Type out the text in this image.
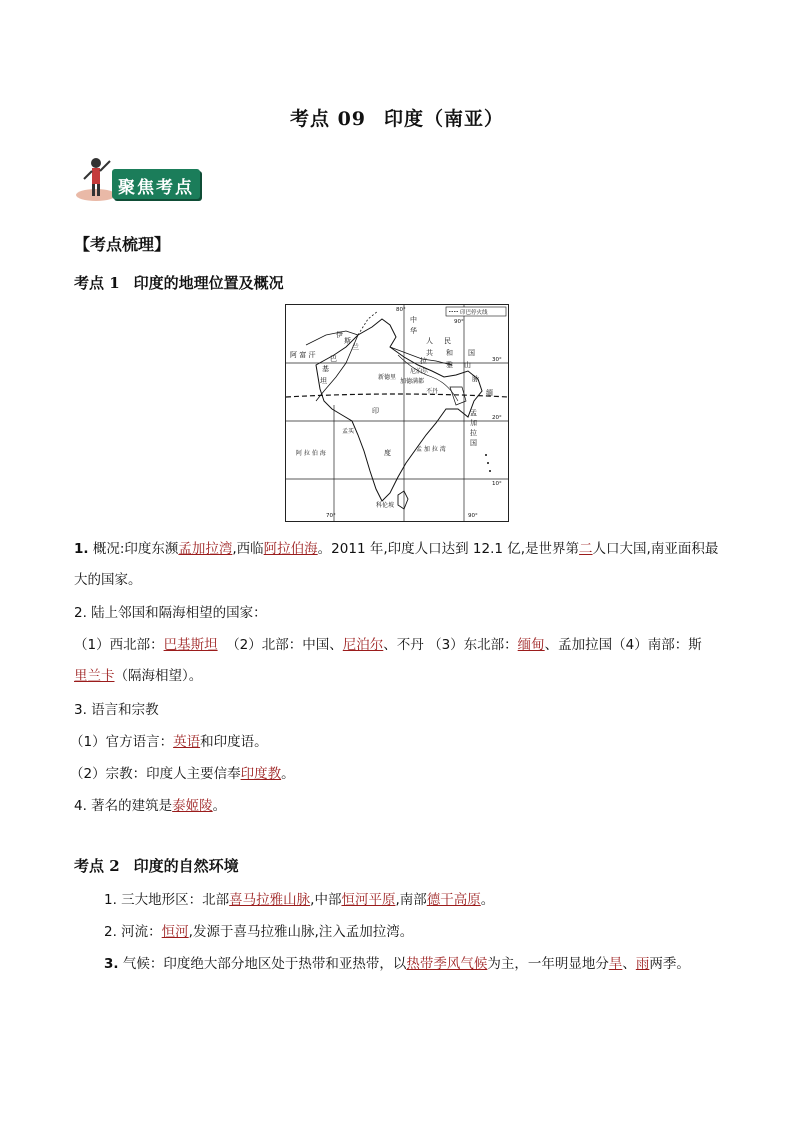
考点 09 印度（南亚）
聚焦考点
【考点梳理】
考点 1 印度的地理位置及概况
印巴停火线
80°
90°
30°
20°
10°
70°	90°
中
华
人 民
共 和 国
阿 富 汗
伊
斯
兰
巴
基
坦	新德里
尼泊尔
加德满都
拉	雅 山
脉
不丹	缅
印
度
孟
加
拉
国
孟买
科伦坡
阿 拉 伯 海
孟 加 拉 湾
1. 概况:印度东濒孟加拉湾,西临阿拉伯海。2011 年,印度人口达到 12.1 亿,是世界第二人口大国,南亚面积最
大的国家。
2. 陆上邻国和隔海相望的国家：
（1）西北部：巴基斯坦 （2）北部：中国、尼泊尔、不丹 （3）东北部：缅甸、孟加拉国（4）南部：斯
里兰卡（隔海相望）。
3. 语言和宗教
（1）官方语言：英语和印度语。
（2）宗教：印度人主要信奉印度教。
4. 著名的建筑是泰姬陵。
考点 2 印度的自然环境
1. 三大地形区：北部喜马拉雅山脉,中部恒河平原,南部德干高原。
2. 河流：恒河,发源于喜马拉雅山脉,注入孟加拉湾。
3. 气候：印度绝大部分地区处于热带和亚热带，以热带季风气候为主，一年明显地分旱、雨两季。
